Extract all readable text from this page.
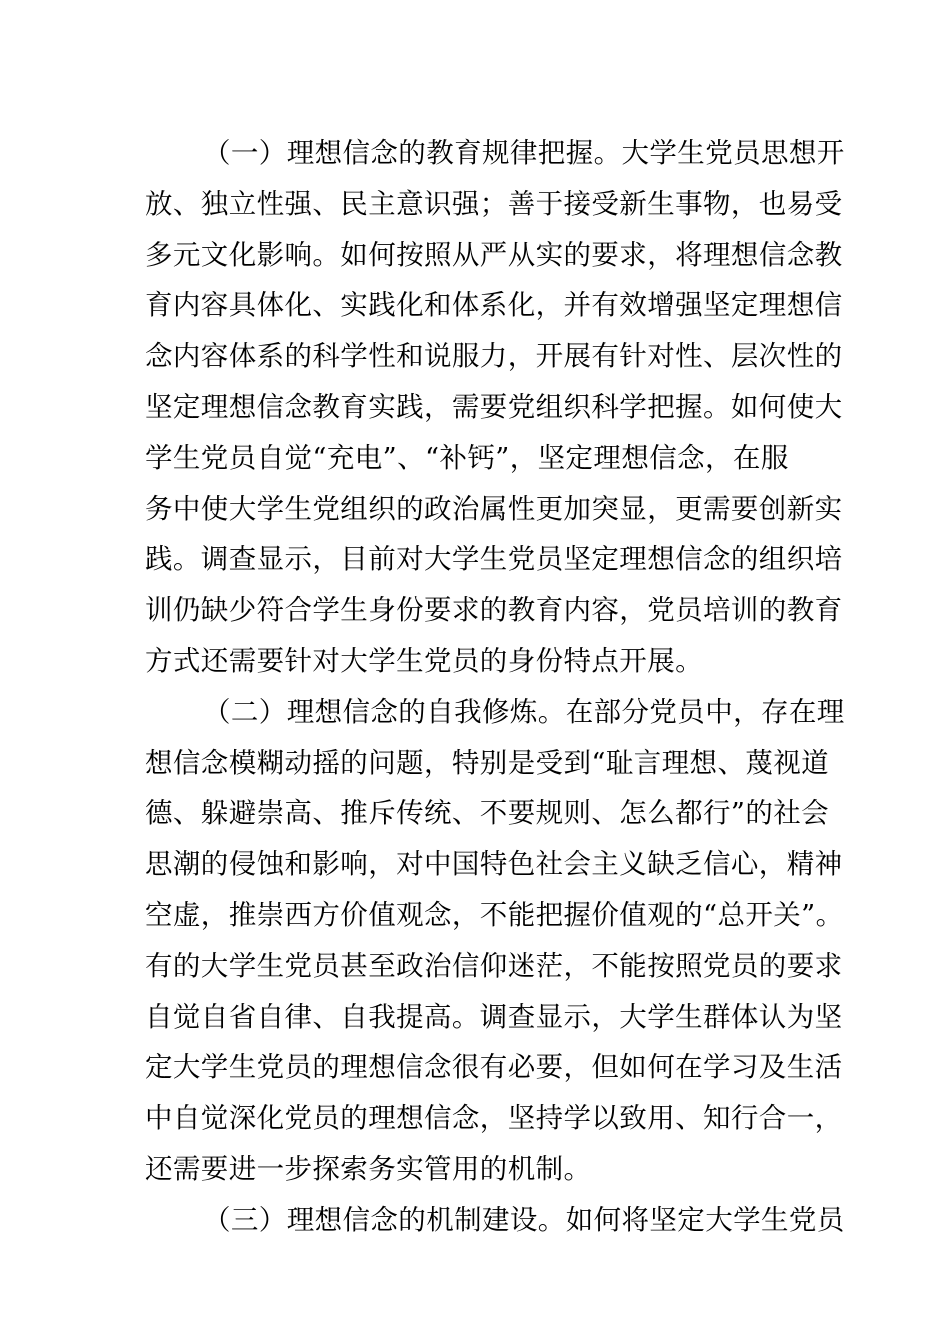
（一）理想信念的教育规律把握。大学生党员思想开
放、独立性强、民主意识强；善于接受新生事物，也易受
多元文化影响。如何按照从严从实的要求，将理想信念教
育内容具体化、实践化和体系化，并有效增强坚定理想信
念内容体系的科学性和说服力，开展有针对性、层次性的
坚定理想信念教育实践，需要党组织科学把握。如何使大
学生党员自觉“充电”、“补钙”，坚定理想信念，在服
务中使大学生党组织的政治属性更加突显，更需要创新实
践。调查显示，目前对大学生党员坚定理想信念的组织培
训仍缺少符合学生身份要求的教育内容，党员培训的教育
方式还需要针对大学生党员的身份特点开展。
（二）理想信念的自我修炼。在部分党员中，存在理
想信念模糊动摇的问题，特别是受到“耻言理想、蔑视道
德、躲避崇高、推斥传统、不要规则、怎么都行”的社会
思潮的侵蚀和影响，对中国特色社会主义缺乏信心，精神
空虚，推崇西方价值观念，不能把握价值观的“总开关”。
有的大学生党员甚至政治信仰迷茫，不能按照党员的要求
自觉自省自律、自我提高。调查显示，大学生群体认为坚
定大学生党员的理想信念很有必要，但如何在学习及生活
中自觉深化党员的理想信念，坚持学以致用、知行合一，
还需要进一步探索务实管用的机制。
（三）理想信念的机制建设。如何将坚定大学生党员
